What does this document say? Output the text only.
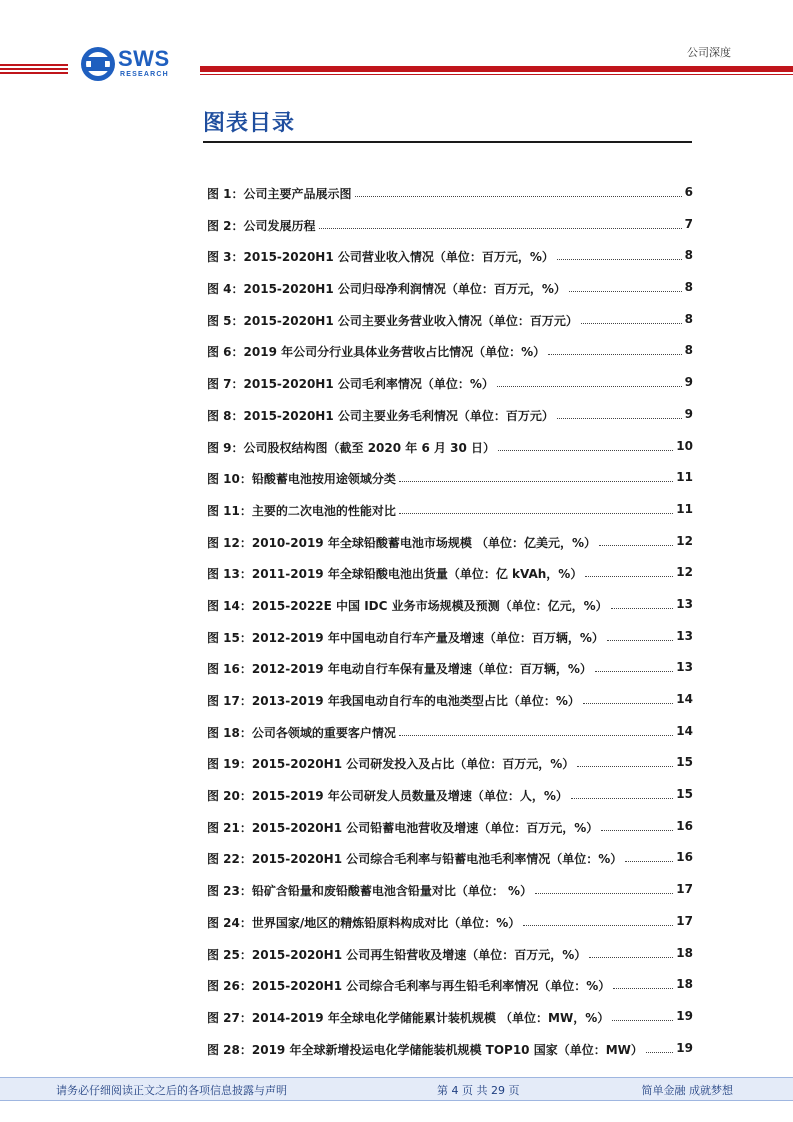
SWS
RESEARCH
公司深度
图表目录
图 1：公司主要产品展示图	6
图 2：公司发展历程	7
图 3：2015-2020H1 公司营业收入情况（单位：百万元，%）	8
图 4：2015-2020H1 公司归母净利润情况（单位：百万元，%）	8
图 5：2015-2020H1 公司主要业务营业收入情况（单位：百万元）	8
图 6：2019 年公司分行业具体业务营收占比情况（单位：%）	8
图 7：2015-2020H1 公司毛利率情况（单位：%）	9
图 8：2015-2020H1 公司主要业务毛利情况（单位：百万元）	9
图 9：公司股权结构图（截至 2020 年 6 月 30 日）	10
图 10：铅酸蓄电池按用途领域分类	11
图 11：主要的二次电池的性能对比	11
图 12：2010-2019 年全球铅酸蓄电池市场规模 （单位：亿美元，%）	12
图 13：2011-2019 年全球铅酸电池出货量（单位：亿 kVAh，%）	12
图 14：2015-2022E 中国 IDC 业务市场规模及预测（单位：亿元，%）	13
图 15：2012-2019 年中国电动自行车产量及增速（单位：百万辆，%）	13
图 16：2012-2019 年电动自行车保有量及增速（单位：百万辆，%）	13
图 17：2013-2019 年我国电动自行车的电池类型占比（单位：%）	14
图 18：公司各领域的重要客户情况	14
图 19：2015-2020H1 公司研发投入及占比（单位：百万元，%）	15
图 20：2015-2019 年公司研发人员数量及增速（单位：人，%）	15
图 21：2015-2020H1 公司铅蓄电池营收及增速（单位：百万元，%）	16
图 22：2015-2020H1 公司综合毛利率与铅蓄电池毛利率情况（单位：%）	16
图 23：铅矿含铅量和废铅酸蓄电池含铅量对比（单位： %）	17
图 24：世界国家/地区的精炼铅原料构成对比（单位：%）	17
图 25：2015-2020H1 公司再生铅营收及增速（单位：百万元，%）	18
图 26：2015-2020H1 公司综合毛利率与再生铅毛利率情况（单位：%）	18
图 27：2014-2019 年全球电化学储能累计装机规模 （单位：MW，%）	19
图 28：2019 年全球新增投运电化学储能装机规模 TOP10 国家（单位：MW）	19
请务必仔细阅读正文之后的各项信息披露与声明	第 4 页 共 29 页	简单金融 成就梦想
